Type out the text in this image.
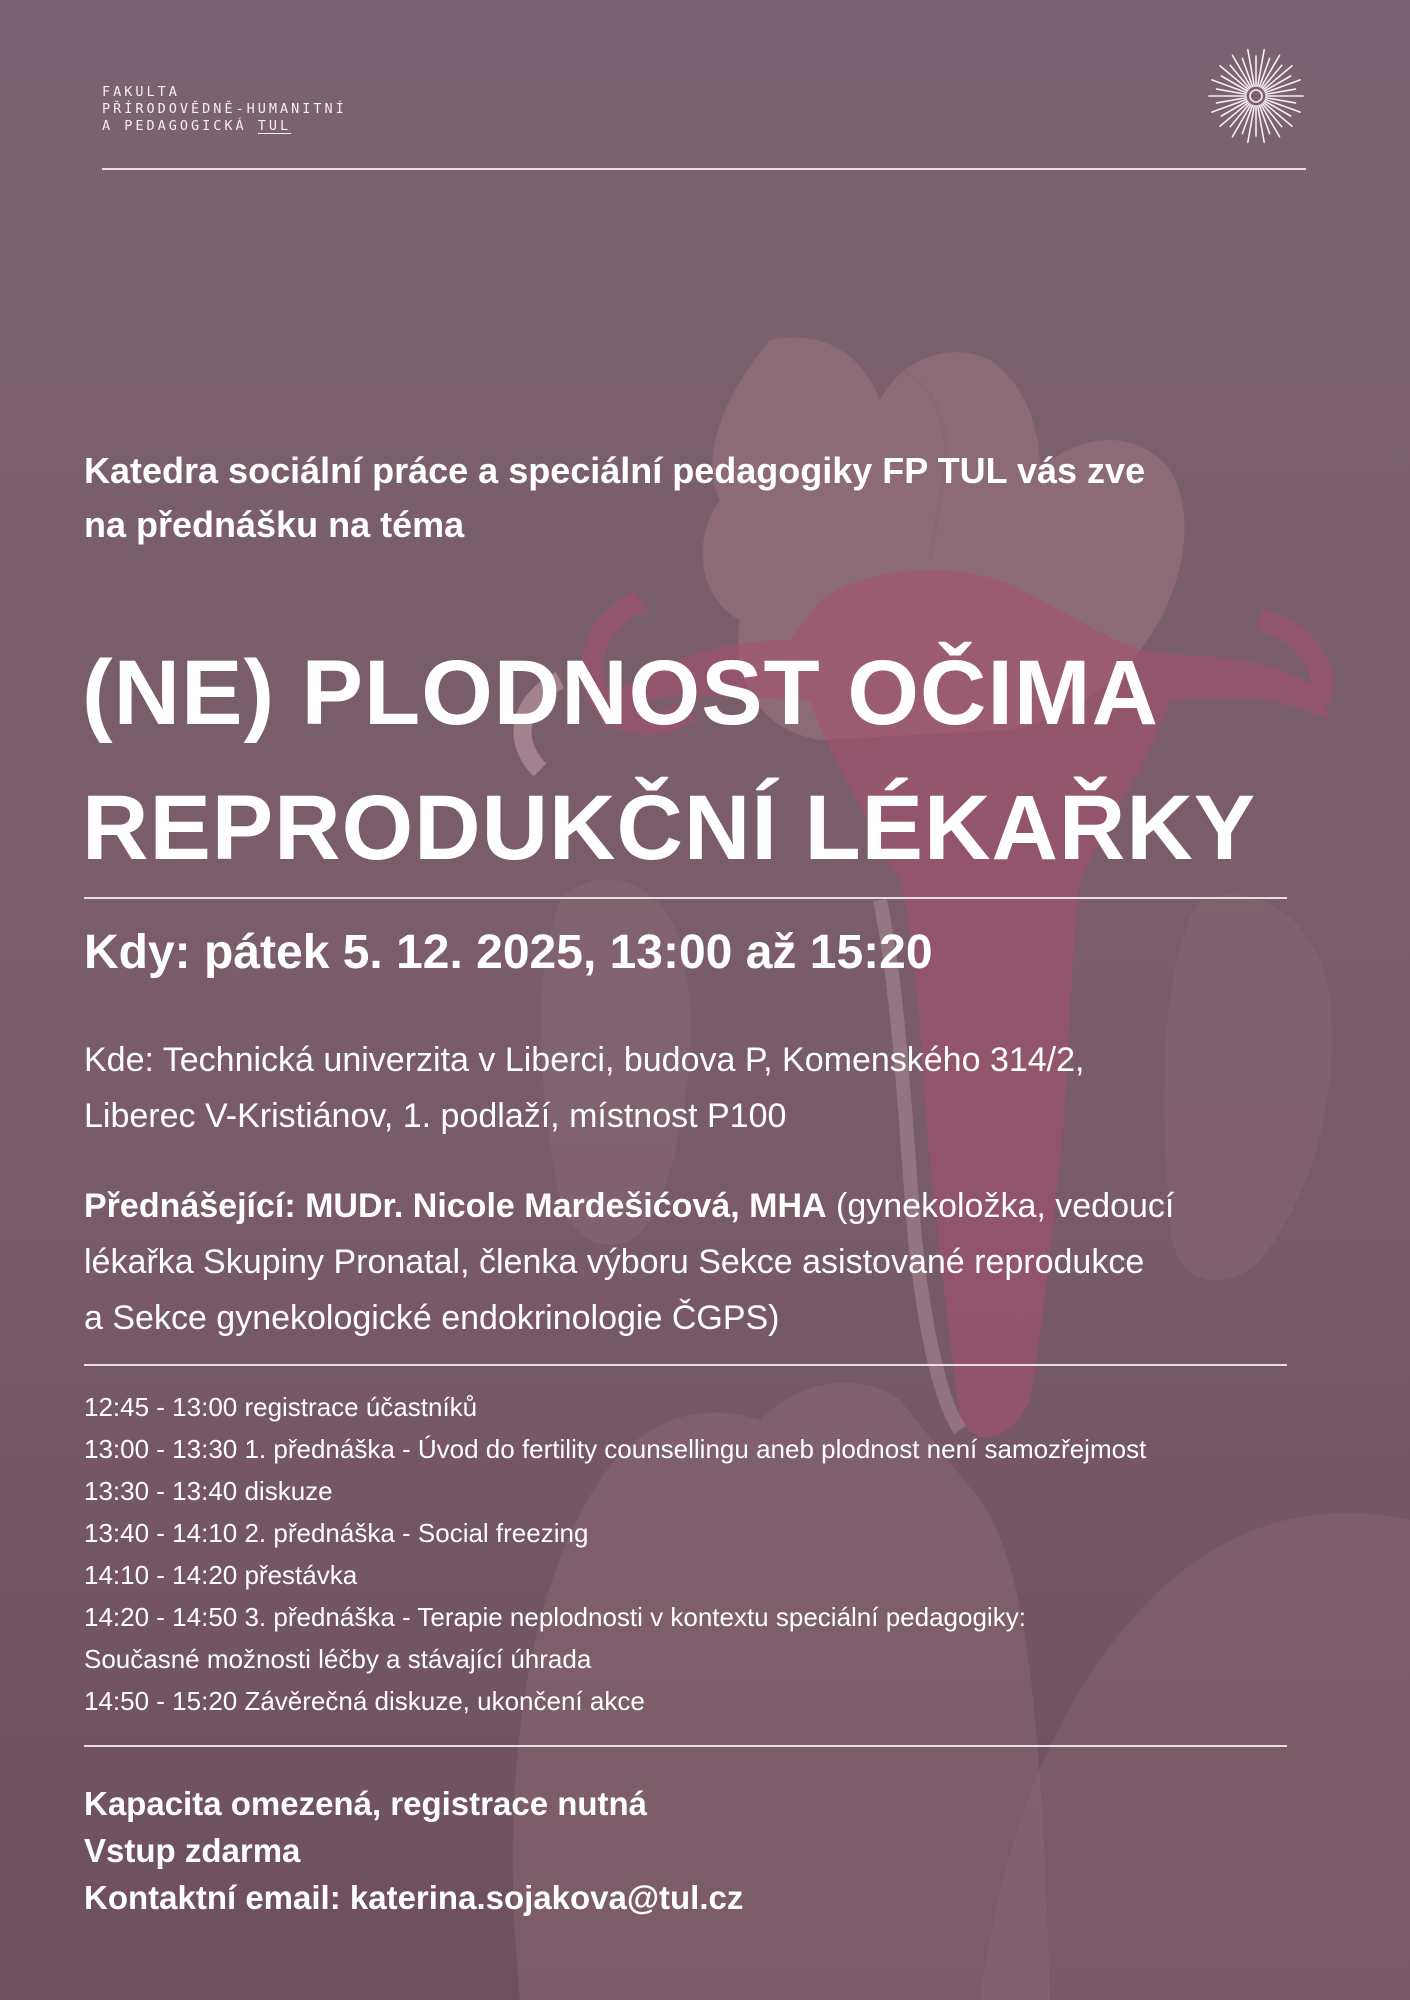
FAKULTA
PŘÍRODOVĚDNĚ-HUMANITNÍ
A PEDAGOGICKÁ TUL
Katedra sociální práce a speciální pedagogiky FP TUL vás zve
na přednášku na téma
(NE) PLODNOST OČIMA
REPRODUKČNÍ LÉKAŘKY
Kdy: pátek 5. 12. 2025, 13:00 až 15:20
Kde: Technická univerzita v Liberci, budova P, Komenského 314/2,
Liberec V-Kristiánov, 1. podlaží, místnost P100
Přednášející: MUDr. Nicole Mardešićová, MHA (gynekoložka, vedoucí
lékařka Skupiny Pronatal, členka výboru Sekce asistované reprodukce
a Sekce gynekologické endokrinologie ČGPS)
12:45 - 13:00 registrace účastníků
13:00 - 13:30 1. přednáška - Úvod do fertility counsellingu aneb plodnost není samozřejmost
13:30 - 13:40 diskuze
13:40 - 14:10 2. přednáška - Social freezing
14:10 - 14:20 přestávka
14:20 - 14:50 3. přednáška - Terapie neplodnosti v kontextu speciální pedagogiky:
Současné možnosti léčby a stávající úhrada
14:50 - 15:20 Závěrečná diskuze, ukončení akce
Kapacita omezená, registrace nutná
Vstup zdarma
Kontaktní email: katerina.sojakova@tul.cz
